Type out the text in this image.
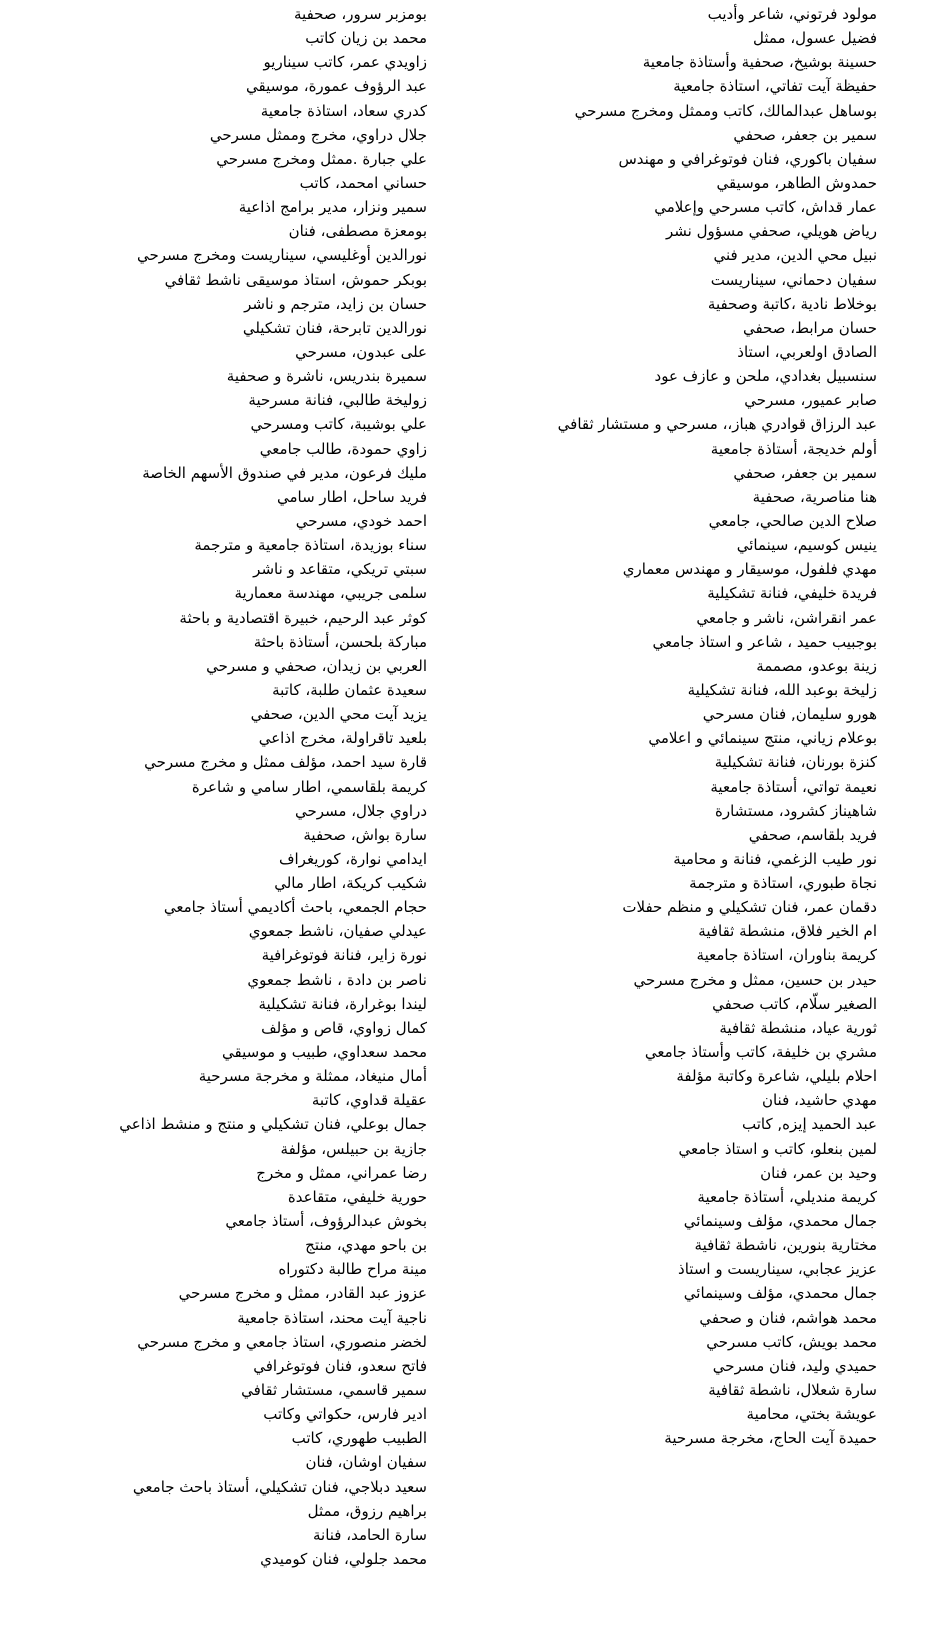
مولود فرتوني، شاعر وأديب
فضيل عسول، ممثل
حسينة بوشيخ، صحفية وأستاذة جامعية
حفيظة آيت تفاتي، استاذة جامعية
بوساهل عبدالمالك، كاتب وممثل ومخرج مسرحي
سمير بن جعفر، صحفي
سفيان باكوري، فنان فوتوغرافي و مهندس
حمدوش الطاهر، موسيقي
عمار قداش، كاتب مسرحي وإعلامي
رياض هويلي، صحفي مسؤول نشر
نبيل محي الدين، مدير فني
سفيان دحماني، سيناريست
بوخلاط نادية ،كاتبة وصحفية
حسان مرابط، صحفي
الصادق اولعربي، استاذ
سنسبيل بغدادي، ملحن و عازف عود
صابر عميور، مسرحي
عبد الرزاق قوادري هباز،، مسرحي و مستشار ثقافي
أولم خديجة، أستاذة جامعية
سمير بن جعفر، صحفي
هنا مناصرية، صحفية
صلاح الدين صالحي، جامعي
ينيس كوسيم، سينمائي
مهدي فلفول، موسيقار و مهندس معماري
فريدة خليفي، فنانة تشكيلية
عمر انقراشن، ناشر و جامعي
بوجبيب حميد ، شاعر و استاذ جامعي
زينة بوعدو، مصممة
زليخة بوعبد الله، فنانة تشكيلية
هورو سليمان, فنان مسرحي
بوعلام زياني، منتج سينمائي و اعلامي
كنزة بورنان، فنانة تشكيلية
نعيمة تواتي، أستاذة جامعية
شاهيناز كشرود، مستشارة
فريد بلقاسم، صحفي
نور طيب الزغمي، فنانة و محامية
نجاة طبوري، استاذة و مترجمة
دقمان عمر، فنان تشكيلي و منظم حفلات
ام الخير فلاق، منشطة ثقافية
كريمة بناوران، استاذة جامعية
حيدر بن حسين، ممثل و مخرج مسرحي
الصغير سلّام، كاتب صحفي
ثورية عياد، منشطة ثقافية
مشري بن خليفة، كاتب وأستاذ جامعي
احلام بليلي، شاعرة وكاتبة مؤلفة
مهدي حاشيد، فنان
عبد الحميد إيزه, كاتب
لمين بنعلو، كاتب و استاذ جامعي
وحيد بن عمر، فنان
كريمة منديلي، أستاذة جامعية
جمال محمدي، مؤلف وسينمائي
مختارية بنورين، ناشطة ثقافية
عزيز عجابي، سيناريست و استاذ
جمال محمدي، مؤلف وسينمائي
محمد هواشم، فنان و صحفي
محمد بويش، كاتب مسرحي
حميدي وليد، فنان مسرحي
سارة شعلال، ناشطة ثقافية
عويشة بختي، محامية
حميدة آيت الحاج، مخرجة مسرحية
بومزبر سرور، صحفية
محمد بن زيان كاتب
زاويدي عمر، كاتب سيناريو
عبد الرؤوف عمورة، موسيقي
كدري سعاد، استاذة جامعية
جلال دراوي، مخرج وممثل مسرحي
علي جبارة .ممثل ومخرج مسرحي
حساني امحمد، كاتب
سمير ونزار، مدير برامج اذاعية
بومعزة مصطفى، فنان
نورالدين أوغليسي، سيناريست ومخرج مسرحي
بوبكر حموش، استاذ موسيقى ناشط ثقافي
حسان بن زايد، مترجم و ناشر
نورالدين تابرحة، فنان تشكيلي
على عبدون، مسرحي
سميرة بندريس، ناشرة و صحفية
زوليخة طالبي، فنانة مسرحية
علي بوشيبة، كاتب ومسرحي
زاوي حمودة، طالب جامعي
مليك فرعون، مدير في صندوق الأسهم الخاصة
فريد ساحل، اطار سامي
احمد خودي، مسرحي
سناء بوزيدة، استاذة جامعية و مترجمة
سبتي تريكي، متقاعد و ناشر
سلمى جريبي، مهندسة معمارية
كوثر عبد الرحيم، خبيرة اقتصادية و باحثة
مباركة بلحسن، أستاذة باحثة
العربي بن زيدان، صحفي و مسرحي
سعيدة عثمان طلبة، كاتبة
يزيد آيت محي الدين، صحفي
بلعيد تاقراولة، مخرج اذاعي
قارة سيد احمد، مؤلف ممثل و مخرج مسرحي
كريمة بلقاسمي، اطار سامي و شاعرة
دراوي جلال، مسرحي
سارة بواش، صحفية
ايدامي نوارة، كوريغراف
شكيب كريكة، اطار مالي
حجام الجمعي، باحث أكاديمي أستاذ جامعي
عيدلي صفيان، ناشط جمعوي
نورة زاير، فنانة فوتوغرافية
ناصر بن دادة ، ناشط جمعوي
ليندا بوغرارة، فنانة تشكيلية
كمال زواوي، قاص و مؤلف
محمد سعداوي، طبيب و موسيقي
أمال منيغاد، ممثلة و مخرجة مسرحية
عقيلة قداوي، كاتبة
جمال بوعلي، فنان تشكيلي و منتج و منشط اذاعي
جازية بن حبيلس، مؤلفة
رضا عمراني، ممثل و مخرج
حورية خليفي، متقاعدة
بخوش عبدالرؤوف، أستاذ جامعي
بن باحو مهدي، منتج
مينة مراح طالبة دكتوراه
عزوز عبد القادر، ممثل و مخرج مسرحي
ناجية آيت محند، استاذة جامعية
لخضر منصوري، استاذ جامعي و مخرج مسرحي
فاتح سعدو، فنان فوتوغرافي
سمير قاسمي، مستشار ثقافي
ادير فارس، حكواتي وكاتب
الطبيب طهوري، كاتب
سفيان اوشان، فنان
سعيد دبلاجي، فنان تشكيلي، أستاذ باحث جامعي
براهيم رزوق، ممثل
سارة الحامد، فنانة
محمد جلولي، فنان كوميدي
